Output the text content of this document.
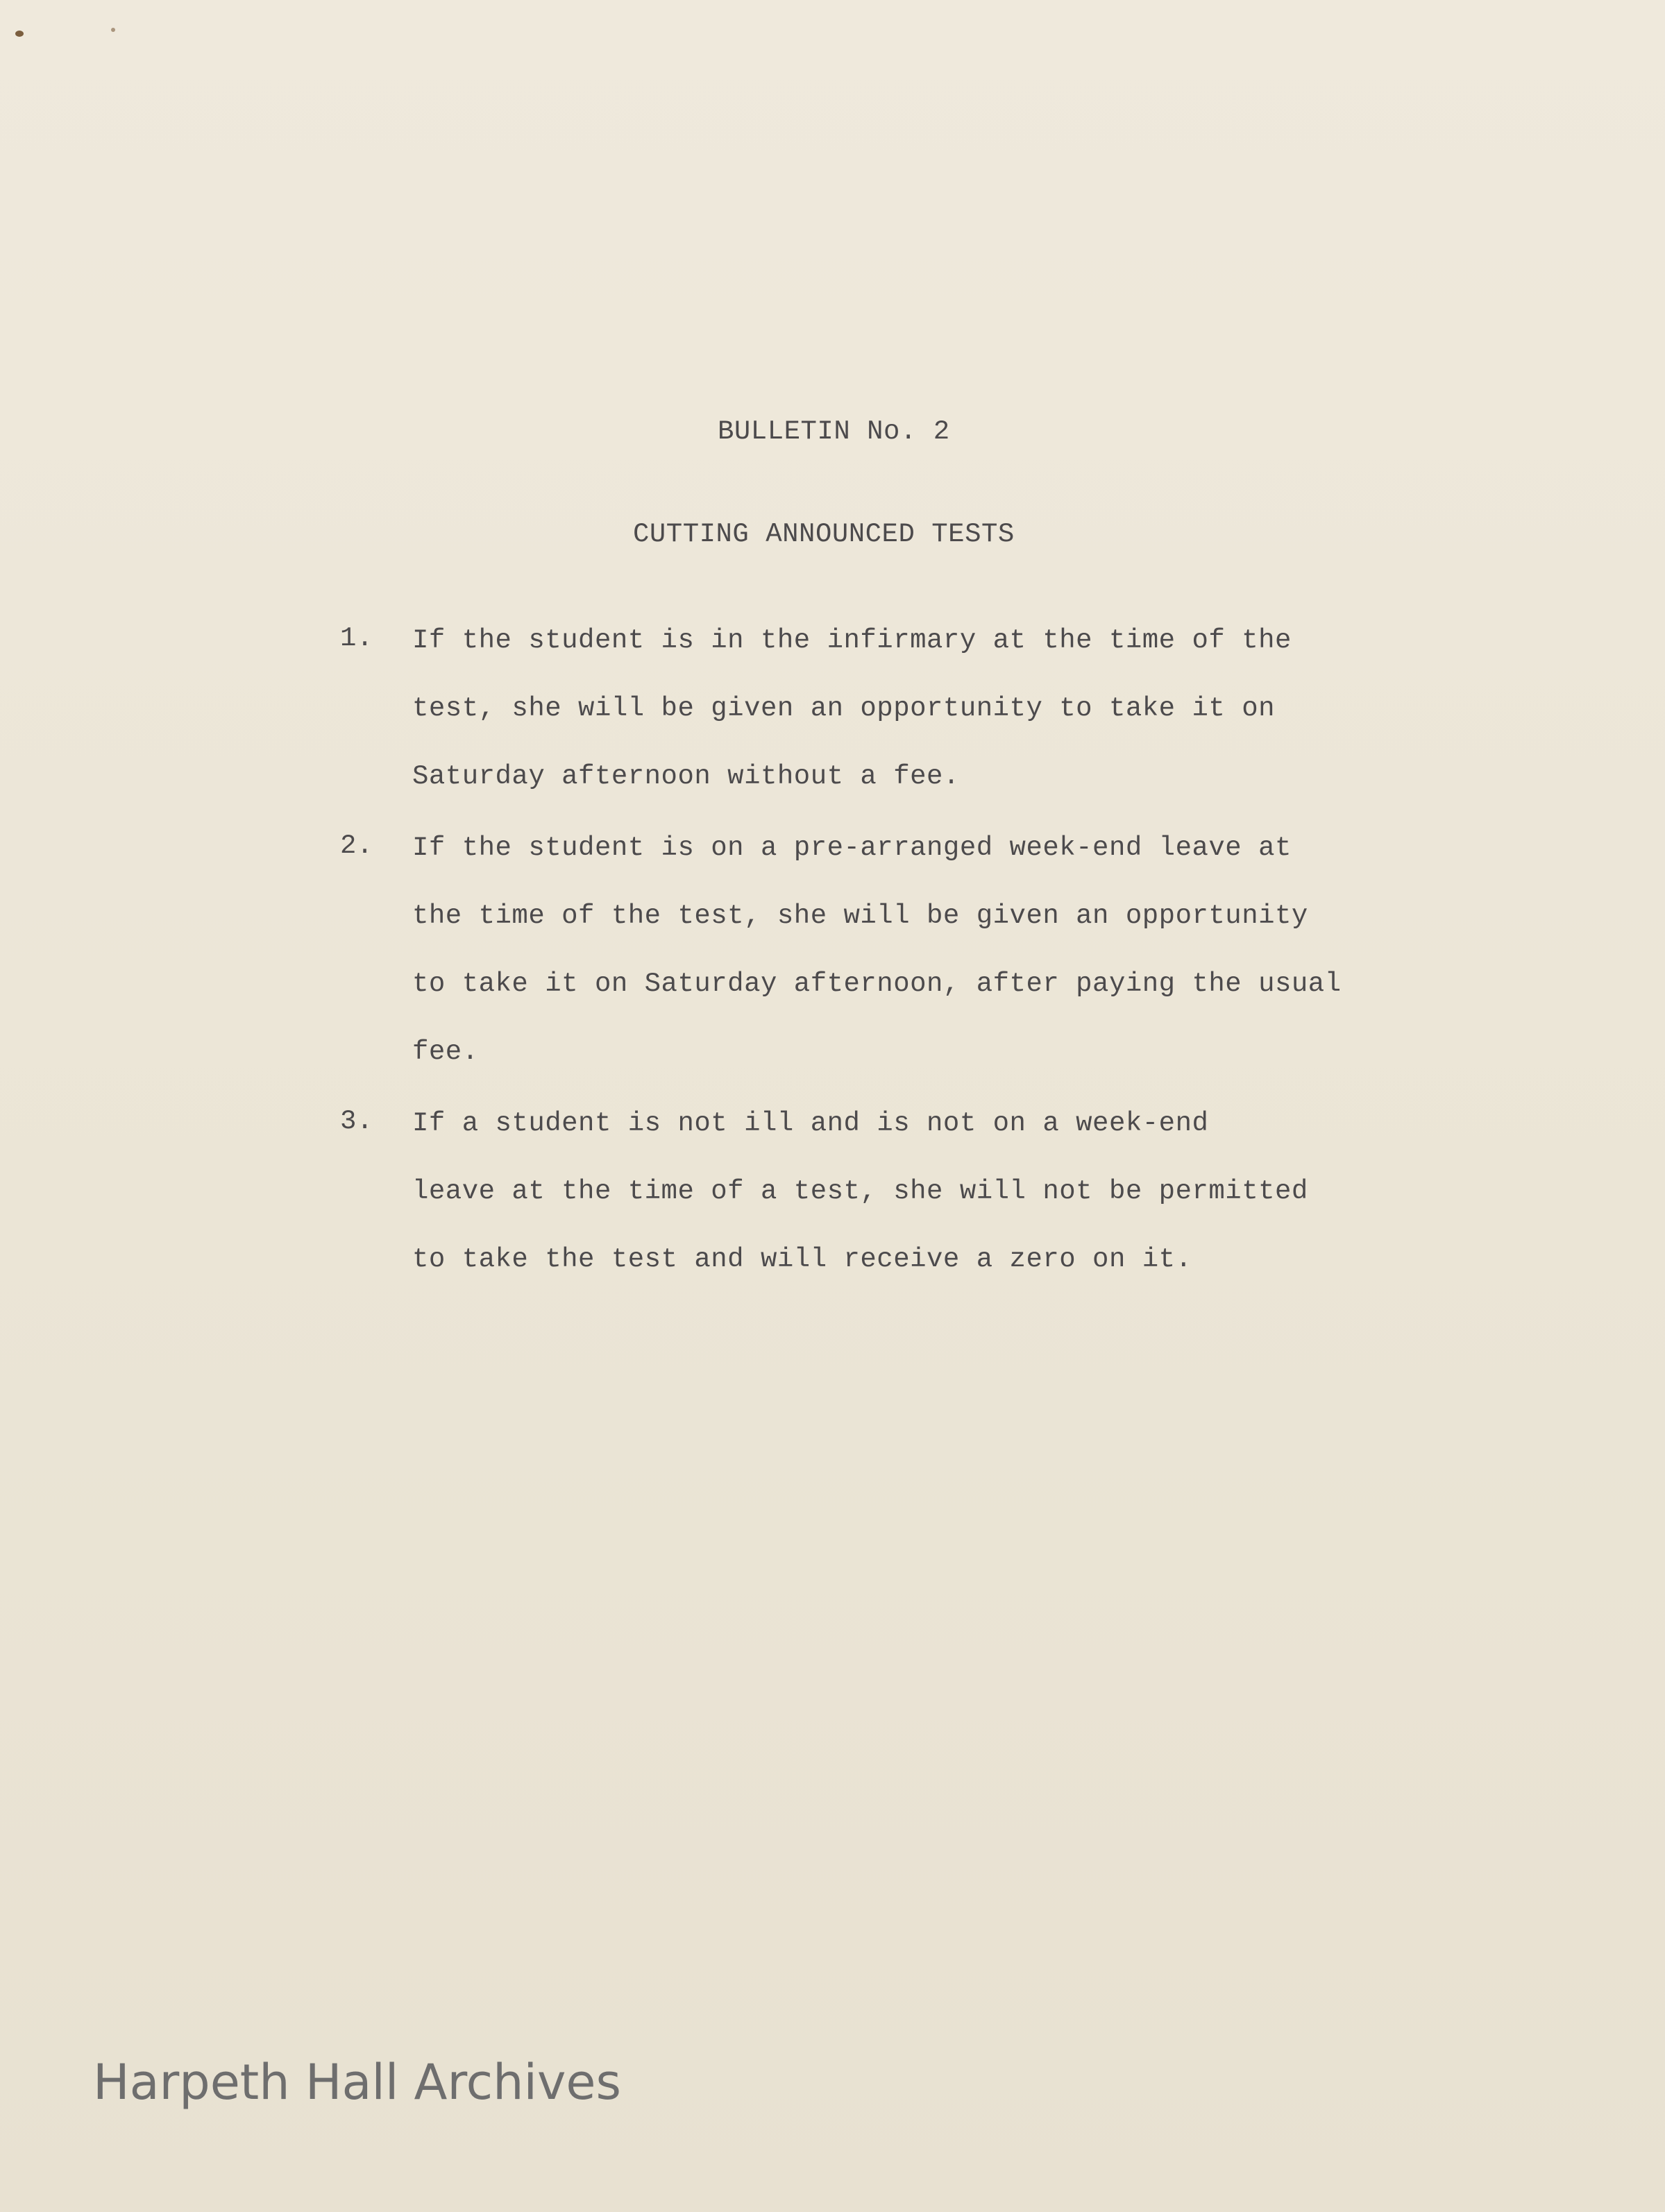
BULLETIN No. 2
CUTTING ANNOUNCED TESTS
1. If the student is in the infirmary at the time of the
test, she will be given an opportunity to take it on
Saturday afternoon without a fee.
2. If the student is on a pre-arranged week-end leave at
the time of the test, she will be given an opportunity
to take it on Saturday afternoon, after paying the usual
fee.
3. If a student is not ill and is not on a week-end
leave at the time of a test, she will not be permitted
to take the test and will receive a zero on it.
Harpeth Hall Archives
